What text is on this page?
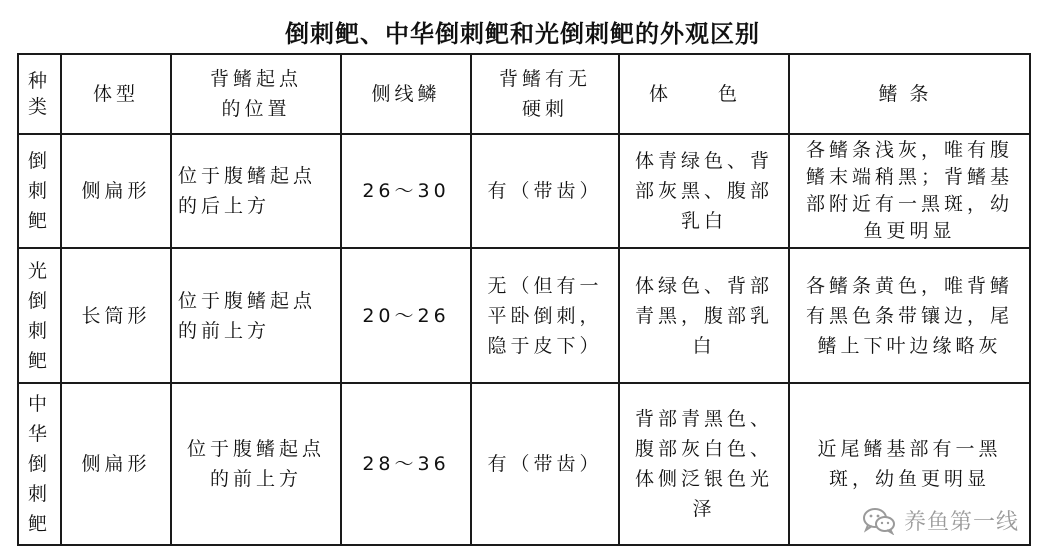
倒刺鲃、中华倒刺鲃和光倒刺鲃的外观区别
种类	体型	背鳍起点的位置	侧线鳞	背鳍有无硬刺	体 色	鳍条
倒刺鲃	侧扁形	位于腹鳍起点的后上方	26～30	有（带齿）	体青绿色、背部灰黑、腹部乳白	各鳍条浅灰，唯有腹鳍末端稍黑；背鳍基部附近有一黑斑，幼鱼更明显
光倒刺鲃	长筒形	位于腹鳍起点的前上方	20～26	无（但有一平卧倒刺，隐于皮下）	体绿色、背部青黑，腹部乳白	各鳍条黄色，唯背鳍有黑色条带镶边，尾鳍上下叶边缘略灰
中华倒刺鲃	侧扁形	位于腹鳍起点的前上方	28～36	有（带齿）	背部青黑色、腹部灰白色、体侧泛银色光泽	近尾鳍基部有一黑斑，幼鱼更明显
养鱼第一线
